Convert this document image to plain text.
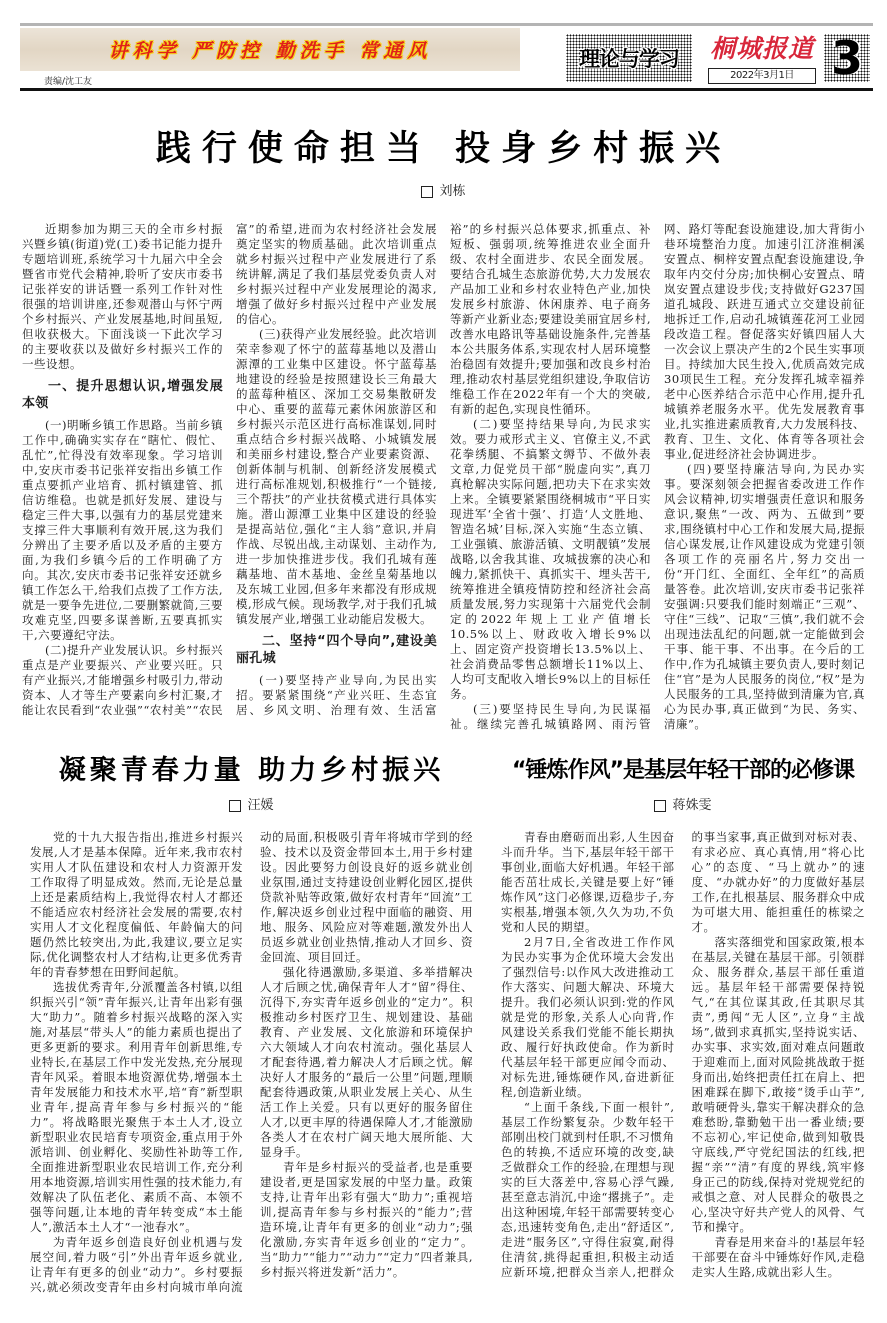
讲科学 严防控 勤洗手 常通风
责编/沈工友
理论与学习 桐城报道
2022年3月1日 3
践行使命担当 投身乡村振兴
刘栋

近期参加为期三天的全市乡村振兴暨乡镇(街道)党(工)委书记能力提升专题培训班,系统学习十九届六中全会暨省市党代会精神,聆听了安庆市委书记张祥安的讲话暨一系列工作针对性很强的培训讲座,还参观潜山与怀宁两个乡村振兴、产业发展基地,时间虽短,但收获极大。下面浅谈一下此次学习的主要收获以及做好乡村振兴工作的一些设想。

一、提升思想认识,增强发展本领

(一)明晰乡镇工作思路。当前乡镇工作中,确确实实存在“瞎忙、假忙、乱忙”,忙得没有效率现象。学习培训中,安庆市委书记张祥安指出乡镇工作重点要抓产业培育、抓村镇建管、抓信访维稳。也就是抓好发展、建设与稳定三件大事,以强有力的基层党建来支撑三件大事顺利有效开展,这为我们分辨出了主要矛盾以及矛盾的主要方面,为我们乡镇今后的工作明确了方向。其次,安庆市委书记张祥安还就乡镇工作怎么干,给我们点拨了工作方法,就是一要争先进位,二要删繁就简,三要攻难克坚,四要多谋善断,五要真抓实干,六要遵纪守法。

(二)提升产业发展认识。乡村振兴重点是产业要振兴、产业要兴旺。只有产业振兴,才能增强乡村吸引力,带动资本、人才等生产要素向乡村汇聚,才能让农民看到“农业强”“农村美”“农民富”的希望,进而为农村经济社会发展奠定坚实的物质基础。此次培训重点就乡村振兴过程中产业发展进行了系统讲解,满足了我们基层党委负责人对乡村振兴过程中产业发展理论的渴求,增强了做好乡村振兴过程中产业发展的信心。

(三)获得产业发展经验。此次培训荣幸参观了怀宁的蓝莓基地以及潜山源潭的工业集中区建设。怀宁蓝莓基地建设的经验是按照建设长三角最大的蓝莓种植区、深加工交易集散研发中心、重要的蓝莓元素休闲旅游区和乡村振兴示范区进行高标准谋划,同时重点结合乡村振兴战略、小城镇发展和美丽乡村建设,整合产业要素资源、创新体制与机制、创新经济发展模式进行高标准规划,积极推行“一个链接,三个帮扶”的产业扶贫模式进行具体实施。潜山源潭工业集中区建设的经验是提高站位,强化“主人翁”意识,并肩作战、尽锐出战,主动谋划、主动作为,进一步加快推进步伐。我们孔城有莲藕基地、苗木基地、金丝皇菊基地以及东城工业园,但多年来都没有形成规模,形成气候。现场教学,对于我们孔城镇发展产业,增强工业动能启发极大。

二、坚持“四个导向”,建设美丽孔城

(一)要坚持产业导向,为民出实招。要紧紧围绕“产业兴旺、生态宜居、乡风文明、治理有效、生活富裕”的乡村振兴总体要求,抓重点、补短板、强弱项,统筹推进农业全面升级、农村全面进步、农民全面发展。要结合孔城生态旅游优势,大力发展农产品加工业和乡村农业特色产业,加快发展乡村旅游、休闲康养、电子商务等新产业新业态;要建设美丽宜居乡村,改善水电路讯等基础设施条件,完善基本公共服务体系,实现农村人居环境整治稳固有效提升;要加强和改良乡村治理,推动农村基层党组织建设,争取信访维稳工作在2022年有一个大的突破,有新的起色,实现良性循环。

(二)要坚持结果导向,为民求实效。要力戒形式主义、官僚主义,不武花拳绣腿、不搞繁文缛节、不做外表文章,力促党员干部“脱虚向实”,真刀真枪解决实际问题,把功夫下在求实效上来。全镇要紧紧围绕桐城市“平日实现进军‘全省十强’、打造‘人文胜地、智造名城’目标,深入实施“生态立镇、工业强镇、旅游活镇、文明靓镇”发展战略,以舍我其谁、攻城拔寨的决心和魄力,紧抓快干、真抓实干、埋头苦干,统筹推进全镇疫情防控和经济社会高质量发展,努力实现第十六届党代会制定的2022年规上工业产值增长10.5%以上、财政收入增长9%以上、固定资产投资增长13.5%以上、社会消费品零售总额增长11%以上、人均可支配收入增长9%以上的目标任务。

(三)要坚持民生导向,为民谋福祉。继续完善孔城镇路网、雨污管网、路灯等配套设施建设,加大背街小巷环境整治力度。加速引江济淮桐溪安置点、桐梓安置点配套设施建设,争取年内交付分房;加快桐心安置点、晴岚安置点建设步伐;支持做好G237国道孔城段、跃进互通式立交建设前征地拆迁工作,启动孔城镇莲花河工业园段改造工程。督促落实好镇四届人大一次会议上票决产生的2个民生实事项目。持续加大民生投入,优质高效完成30项民生工程。充分发挥孔城幸福养老中心医养结合示范中心作用,提升孔城镇养老服务水平。优先发展教育事业,扎实推进素质教育,大力发展科技、教育、卫生、文化、体育等各项社会事业,促进经济社会协调进步。

(四)要坚持廉洁导向,为民办实事。要深刻领会把握省委改进工作作风会议精神,切实增强责任意识和服务意识,聚焦“一改、两为、五做到”要求,围绕镇村中心工作和发展大局,提振信心谋发展,让作风建设成为党建引领各项工作的亮丽名片,努力交出一份“开门红、全面红、全年红”的高质量答卷。此次培训,安庆市委书记张祥安强调:只要我们能时刻端正“三观”、守住“三线”、记取“三慎”,我们就不会出现违法乱纪的问题,就一定能做到会干事、能干事、不出事。在今后的工作中,作为孔城镇主要负责人,要时刻记住“官”是为人民服务的岗位,“权”是为人民服务的工具,坚持做到清廉为官,真心为民办事,真正做到“为民、务实、清廉”。

凝聚青春力量 助力乡村振兴
汪媛

党的十九大报告指出,推进乡村振兴发展,人才是基本保障。近年来,我市农村实用人才队伍建设和农村人力资源开发工作取得了明显成效。然而,无论是总量上还是素质结构上,我觉得农村人才都还不能适应农村经济社会发展的需要,农村实用人才文化程度偏低、年龄偏大的问题仍然比较突出,为此,我建议,要立足实际,优化调整农村人才结构,让更多优秀青年的青春梦想在田野间起航。

选拔优秀青年,分派覆盖各村镇,以组织振兴引“领”青年振兴,让青年出彩有强大“助力”。随着乡村振兴战略的深入实施,对基层“带头人”的能力素质也提出了更多更新的要求。利用青年创新思维,专业特长,在基层工作中发光发热,充分展现青年风采。着眼本地资源优势,增强本土青年发展能力和技术水平,培“育”新型职业青年,提高青年参与乡村振兴的“能力”。将战略眼光聚焦于本土人才,设立新型职业农民培育专项资金,重点用于外派培训、创业孵化、奖励性补助等工作,全面推进新型职业农民培训工作,充分利用本地资源,培训实用性强的技术能力,有效解决了队伍老化、素质不高、本领不强等问题,让本地的青年转变成“本土能人”,激活本土人才“一池春水”。

为青年返乡创造良好创业机遇与发展空间,着力吸“引”外出青年返乡就业,让青年有更多的创业“动力”。乡村要振兴,就必须改变青年由乡村向城市单向流动的局面,积极吸引青年将城市学到的经验、技术以及资金带回本土,用于乡村建设。因此要努力创设良好的返乡就业创业氛围,通过支持建设创业孵化园区,提供贷款补贴等政策,做好农村青年“回流”工作,解决返乡创业过程中面临的融资、用地、服务、风险应对等难题,激发外出人员返乡就业创业热情,推动人才回乡、资金回流、项目回迁。

强化待遇激励,多渠道、多举措解决人才后顾之忧,确保青年人才“留”得住、沉得下,夯实青年返乡创业的“定力”。积极推动乡村医疗卫生、规划建设、基础教育、产业发展、文化旅游和环境保护六大领域人才向农村流动。强化基层人才配套待遇,着力解决人才后顾之忧。解决好人才服务的“最后一公里”问题,理顺配套待遇政策,从职业发展上关心、从生活工作上关爱。只有以更好的服务留住人才,以更丰厚的待遇保障人才,才能激励各类人才在农村广阔天地大展所能、大显身手。

青年是乡村振兴的受益者,也是重要建设者,更是国家发展的中坚力量。政策支持,让青年出彩有强大“助力”;重视培训,提高青年参与乡村振兴的“能力”;营造环境,让青年有更多的创业“动力”;强化激励,夯实青年返乡创业的“定力”。当“助力”“能力”“动力”“定力”四者兼具,乡村振兴将迸发新“活力”。

“锤炼作风”是基层年轻干部的必修课
蒋姝雯

青春由磨砺而出彩,人生因奋斗而升华。当下,基层年轻干部干事创业,面临大好机遇。年轻干部能否茁壮成长,关键是要上好“锤炼作风”这门必修课,迈稳步子,夯实根基,增强本领,久久为功,不负党和人民的期望。

2月7日,全省改进工作作风为民办实事为企优环境大会发出了强烈信号:以作风大改进推动工作大落实、问题大解决、环境大提升。我们必须认识到:党的作风就是党的形象,关系人心向背,作风建设关系我们党能不能长期执政、履行好执政使命。作为新时代基层年轻干部更应闻令而动、对标先进,锤炼硬作风,奋进新征程,创造新业绩。

“上面千条线,下面一根针”,基层工作纷繁复杂。少数年轻干部刚出校门就到村任职,不习惯角色的转换,不适应环境的改变,缺乏做群众工作的经验,在理想与现实的巨大落差中,容易心浮气躁,甚至意志消沉,中途“撂挑子”。走出这种困境,年轻干部需要转变心态,迅速转变角色,走出“舒适区”,走进“服务区”,守得住寂寞,耐得住清贫,挑得起重担,积极主动适应新环境,把群众当亲人,把群众的事当家事,真正做到对标对表、有求必应、真心真情,用“将心比心”的态度、“马上就办”的速度、“办就办好”的力度做好基层工作,在扎根基层、服务群众中成为可堪大用、能担重任的栋梁之才。

落实落细党和国家政策,根本在基层,关键在基层干部。引领群众、服务群众,基层干部任重道远。基层年轻干部需要保持锐气,“在其位谋其政,任其职尽其责”,勇闯“无人区”,立身“主战场”,做到求真抓实,坚持说实话、办实事、求实效,面对难点问题敢于迎难而上,面对风险挑战敢于挺身而出,始终把责任扛在肩上、把困难踩在脚下,敢接“烫手山芋”,敢啃硬骨头,靠实干解决群众的急难愁盼,靠勤勉干出一番业绩;要不忘初心,牢记使命,做到知敬畏守底线,严守党纪国法的红线,把握“亲”“清”有度的界线,筑牢修身正己的防线,保持对党规党纪的戒惧之意、对人民群众的敬畏之心,坚决守好共产党人的风骨、气节和操守。

青春是用来奋斗的!基层年轻干部要在奋斗中锤炼好作风,走稳走实人生路,成就出彩人生。
